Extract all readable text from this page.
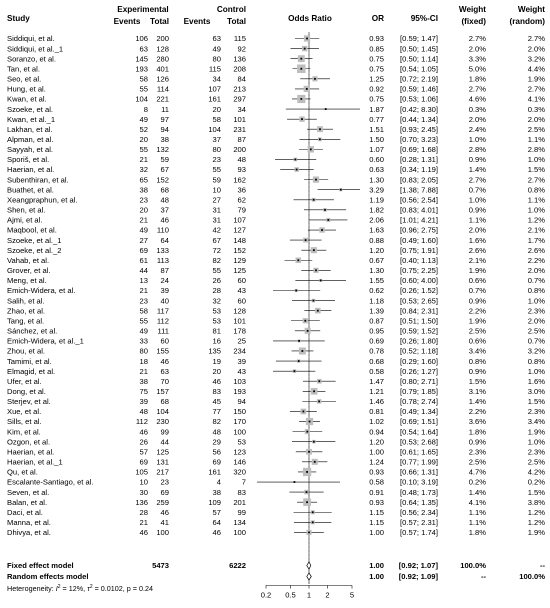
Study
Experimental
Events Total
Control
Events Total	Odds Ratio	OR	95%-CI
Weight
(fixed)
Weight
(random)
Siddiqui, et al.	106 200	63 115	0.93 [0.59; 1.47]	2.7%	2.7%
Siddiqui, et al._1	63 128	49 92	0.85 [0.50; 1.45]	2.0%	2.0%
Soranzo, et al.	145 280	80 136	0.75 [0.50; 1.14]	3.3%	3.2%
Tan, et al.	193 401	115 208	0.75 [0.54; 1.05]	5.0%	4.4%
Seo, et al.	58 126	34 84	1.25 [0.72; 2.19]	1.8%	1.9%
Hung, et al.	55 114	107 213	0.92 [0.59; 1.46]	2.7%	2.7%
Kwan, et al.	104 221	161 297	0.75 [0.53; 1.06]	4.6%	4.1%
Szoeke, et al.	8 11	20 34	1.87 [0.42; 8.30]	0.3%	0.3%
Kwan, et al._1	49 97	58 101	0.77 [0.44; 1.34]	2.0%	2.0%
Lakhan, et al.	52 94	104 231	1.51 [0.93; 2.45]	2.4%	2.5%
Alpman, et al.	20 38	37 87	1.50 [0.70; 3.23]	1.0%	1.1%
Sayyah, et al.	55 132	80 200	1.07 [0.69; 1.68]	2.8%	2.8%
Sporiš, et al.	21 59	23 48	0.60 [0.28; 1.31]	0.9%	1.0%
Haerian, et al.	32 67	55 93	0.63 [0.34; 1.19]	1.4%	1.5%
Subenthiran, et al.	65 152	59 162	1.30 [0.83; 2.05]	2.7%	2.7%
Buathet, et al.	38 68	10 36	3.29 [1.38; 7.88]	0.7%	0.8%
Xeangpraphun, et al.	23 48	27 62	1.19 [0.56; 2.54]	1.0%	1.1%
Shen, et al.	20 37	31 79	1.82 [0.83; 4.01]	0.9%	1.0%
Ajmi, et al.	21 46	31 107	2.06 [1.01; 4.21]	1.1%	1.2%
Maqbool, et al.	49 110	42 127	1.63 [0.96; 2.75]	2.0%	2.1%
Szoeke, et al._1	27 64	67 148	0.88 [0.49; 1.60]	1.6%	1.7%
Szoeke, et al._2	69 133	72 152	1.20 [0.75; 1.91]	2.6%	2.6%
Vahab, et al.	61 113	82 129	0.67 [0.40; 1.13]	2.1%	2.2%
Grover, et al.	44 87	55 125	1.30 [0.75; 2.25]	1.9%	2.0%
Meng, et al.	13 24	26 60	1.55 [0.60; 4.00]	0.6%	0.7%
Emich-Widera, et al.	21 39	28 43	0.62 [0.26; 1.52]	0.7%	0.8%
Salih, et al.	23 40	32 60	1.18 [0.53; 2.65]	0.9%	1.0%
Zhao, et al.	58 117	53 128	1.39 [0.84; 2.31]	2.2%	2.3%
Tang, et al.	55 112	53 101	0.87 [0.51; 1.50]	1.9%	2.0%
Sánchez, et al.	49 111	81 178	0.95 [0.59; 1.52]	2.5%	2.5%
Emich-Widera, et al._1	33 60	16 25	0.69 [0.26; 1.80]	0.6%	0.7%
Zhou, et al.	80 155	135 234	0.78 [0.52; 1.18]	3.4%	3.2%
Tamimi, et al.	18 46	19 39	0.68 [0.29; 1.60]	0.8%	0.8%
Elmagid, et al.	21 63	20 43	0.58 [0.26; 1.27]	0.9%	1.0%
Ufer, et al.	38 70	46 103	1.47 [0.80; 2.71]	1.5%	1.6%
Dong, et al.	75 157	83 193	1.21 [0.79; 1.85]	3.1%	3.0%
Sterjev, et al.	39 68	45 94	1.46 [0.78; 2.74]	1.4%	1.5%
Xue, et al.	48 104	77 150	0.81 [0.49; 1.34]	2.2%	2.3%
Sills, et al.	112 230	82 170	1.02 [0.69; 1.51]	3.6%	3.4%
Kim, et al.	46 99	48 100	0.94 [0.54; 1.64]	1.8%	1.9%
Ozgon, et al.	26 44	29 53	1.20 [0.53; 2.68]	0.9%	1.0%
Haerian, et al.	57 125	56 123	1.00 [0.61; 1.65]	2.3%	2.3%
Haerian, et al._1	69 131	69 146	1.24 [0.77; 1.99]	2.5%	2.5%
Qu, et al.	105 217	161 320	0.93 [0.66; 1.31]	4.7%	4.2%
Escalante-Santiago, et al.	10 23	4	7	0.58 [0.10; 3.19]	0.2%	0.2%
Seven, et al.	30 69	38 83	0.91 [0.48; 1.73]	1.4%	1.5%
Balan, et al.	136 259	109 201	0.93 [0.64; 1.35]	4.1%	3.8%
Daci, et al.	28 46	57 99	1.15 [0.56; 2.34]	1.1%	1.2%
Manna, et al.	21 41	64 134	1.15 [0.57; 2.31]	1.1%	1.2%
Dhivya, et al.	46 100	46 100	1.00 [0.57; 1.74]	1.8%	1.9%
Fixed effect model	5473	6222	1.00 [0.92; 1.07]	100.0%	--
Random effects model	1.00 [0.92; 1.09]	--	100.0%
Heterogeneity: $I^2 = 12\%$, $\tau^2 = 0.0102$, p = 0.24
0.2 0.5 1 2	5
